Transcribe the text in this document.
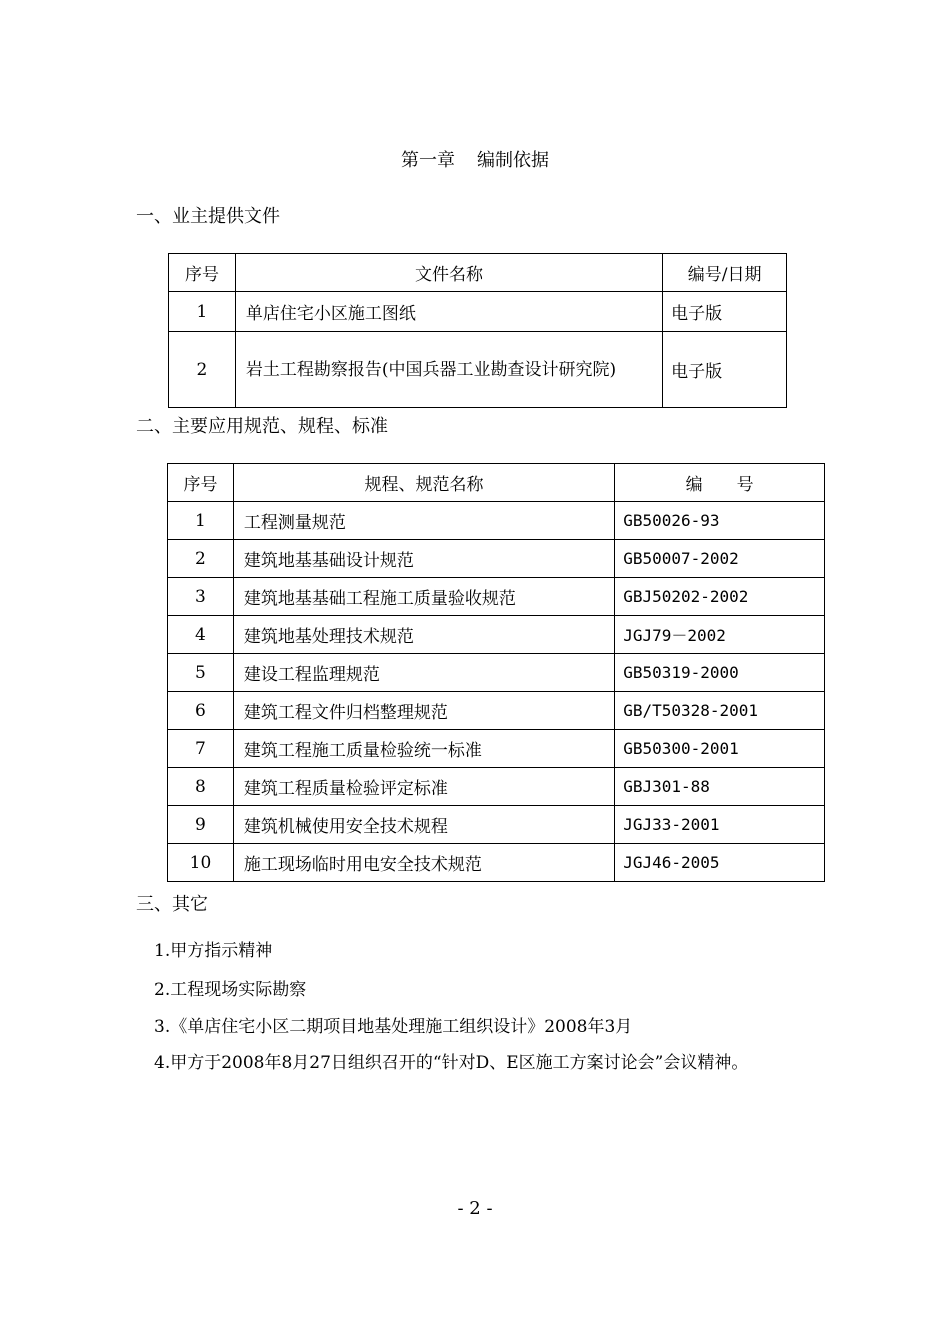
第一章 编制依据
一、业主提供文件
序号	文件名称	编号/日期
1	单店住宅小区施工图纸	电子版
2	岩土工程勘察报告(中国兵器工业勘查设计研究院)	电子版
二、主要应用规范、规程、标准
序号	规程、规范名称	编　　号
1	工程测量规范	GB50026-93
2	建筑地基基础设计规范	GB50007-2002
3	建筑地基基础工程施工质量验收规范	GBJ50202-2002
4	建筑地基处理技术规范	JGJ79－2002
5	建设工程监理规范	GB50319-2000
6	建筑工程文件归档整理规范	GB/T50328-2001
7	建筑工程施工质量检验统一标准	GB50300-2001
8	建筑工程质量检验评定标准	GBJ301-88
9	建筑机械使用安全技术规程	JGJ33-2001
10	施工现场临时用电安全技术规范	JGJ46-2005
三、其它
1.甲方指示精神
2.工程现场实际勘察
3.《单店住宅小区二期项目地基处理施工组织设计》2008年3月
4.甲方于2008年8月27日组织召开的“针对D、E区施工方案讨论会”会议精神。
- 2 -
